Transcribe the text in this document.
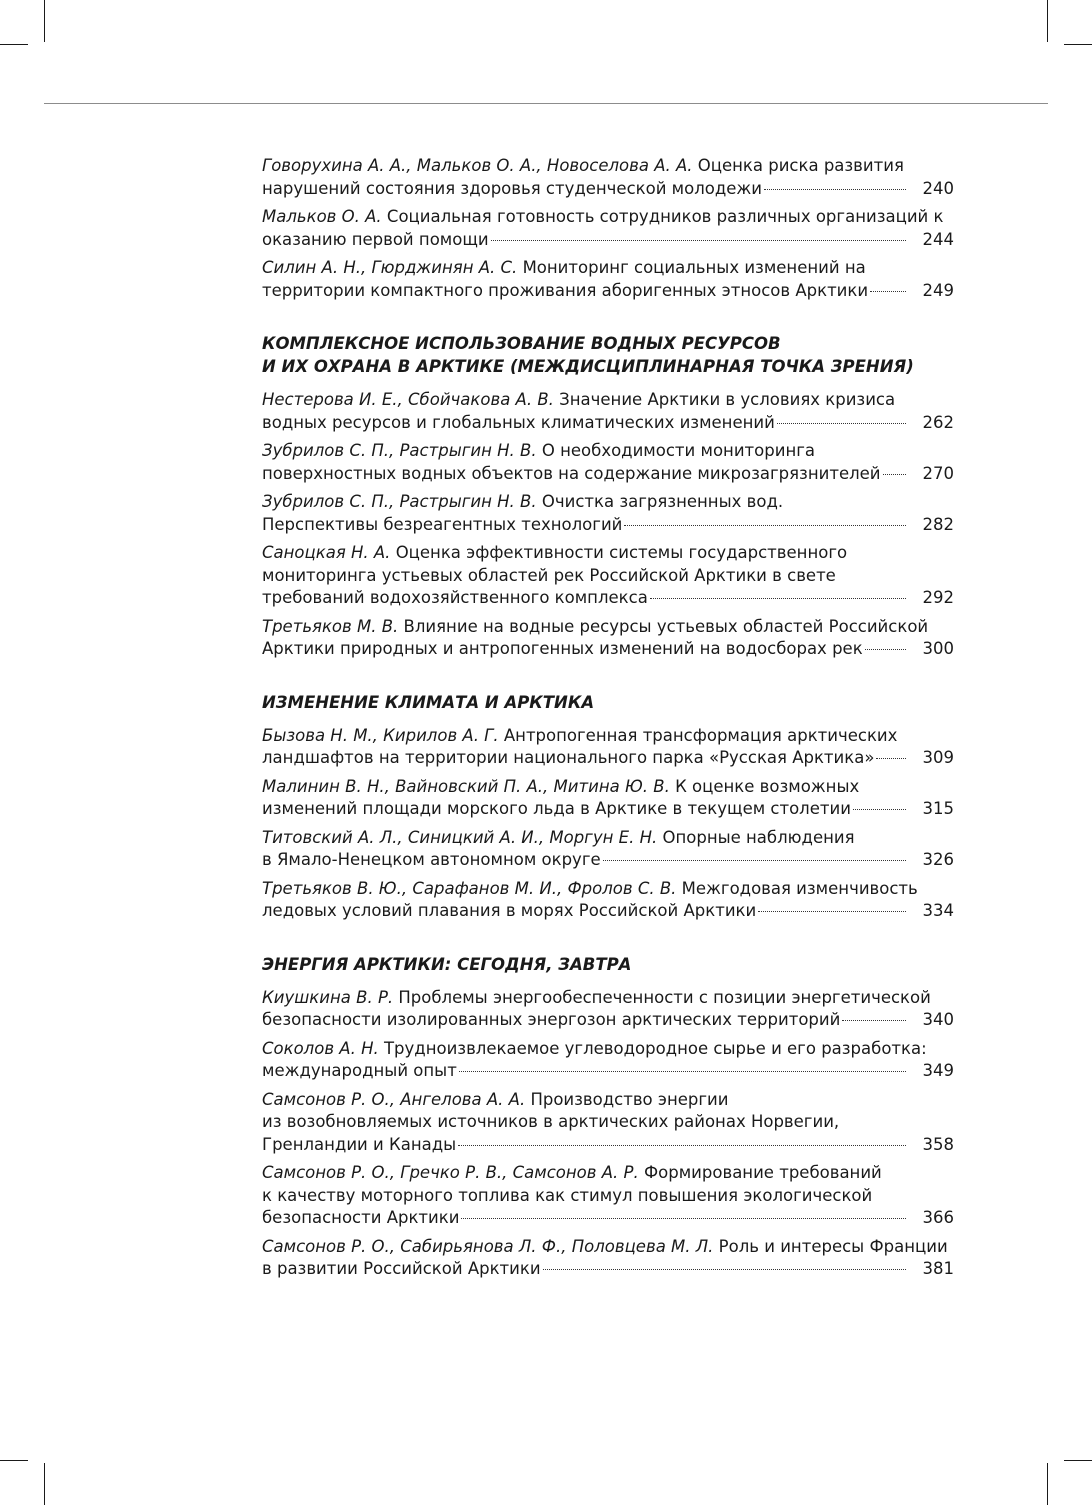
Говорухина А. А., Мальков О. А., Новоселова А. А. Оценка риска развития
нарушений состояния здоровья студенческой молодежи	240
Мальков О. А. Социальная готовность сотрудников различных организаций к
оказанию первой помощи	244
Силин А. Н., Гюрджинян А. С. Мониторинг социальных изменений на
территории компактного проживания аборигенных этносов Арктики	249
КОМПЛЕКСНОЕ ИСПОЛЬЗОВАНИЕ ВОДНЫХ РЕСУРСОВ
И ИХ ОХРАНА В АРКТИКЕ (МЕЖДИСЦИПЛИНАРНАЯ ТОЧКА ЗРЕНИЯ)
Нестерова И. Е., Сбойчакова А. В. Значение Арктики в условиях кризиса
водных ресурсов и глобальных климатических изменений	262
Зубрилов С. П., Растрыгин Н. В. О необходимости мониторинга
поверхностных водных объектов на содержание микрозагрязнителей	270
Зубрилов С. П., Растрыгин Н. В. Очистка загрязненных вод.
Перспективы безреагентных технологий	282
Саноцкая Н. А. Оценка эффективности системы государственного
мониторинга устьевых областей рек Российской Арктики в свете
требований водохозяйственного комплекса	292
Третьяков М. В. Влияние на водные ресурсы устьевых областей Российской
Арктики природных и антропогенных изменений на водосборах рек	300
ИЗМЕНЕНИЕ КЛИМАТА И АРКТИКА
Бызова Н. М., Кирилов А. Г. Антропогенная трансформация арктических
ландшафтов на территории национального парка «Русская Арктика»	309
Малинин В. Н., Вайновский П. А., Митина Ю. В. К оценке возможных
изменений площади морского льда в Арктике в текущем столетии	315
Титовский А. Л., Синицкий А. И., Моргун Е. Н. Опорные наблюдения
в Ямало-Ненецком автономном округе	326
Третьяков В. Ю., Сарафанов М. И., Фролов С. В. Межгодовая изменчивость
ледовых условий плавания в морях Российской Арктики	334
ЭНЕРГИЯ АРКТИКИ: СЕГОДНЯ, ЗАВТРА
Киушкина В. Р. Проблемы энергообеспеченности с позиции энергетической
безопасности изолированных энергозон арктических территорий	340
Соколов А. Н. Трудноизвлекаемое углеводородное сырье и его разработка:
международный опыт	349
Самсонов Р. О., Ангелова А. А. Производство энергии
из возобновляемых источников в арктических районах Норвегии,
Гренландии и Канады	358
Самсонов Р. О., Гречко Р. В., Самсонов А. Р. Формирование требований
к качеству моторного топлива как стимул повышения экологической
безопасности Арктики	366
Самсонов Р. О., Сабирьянова Л. Ф., Половцева М. Л. Роль и интересы Франции
в развитии Российской Арктики	381
